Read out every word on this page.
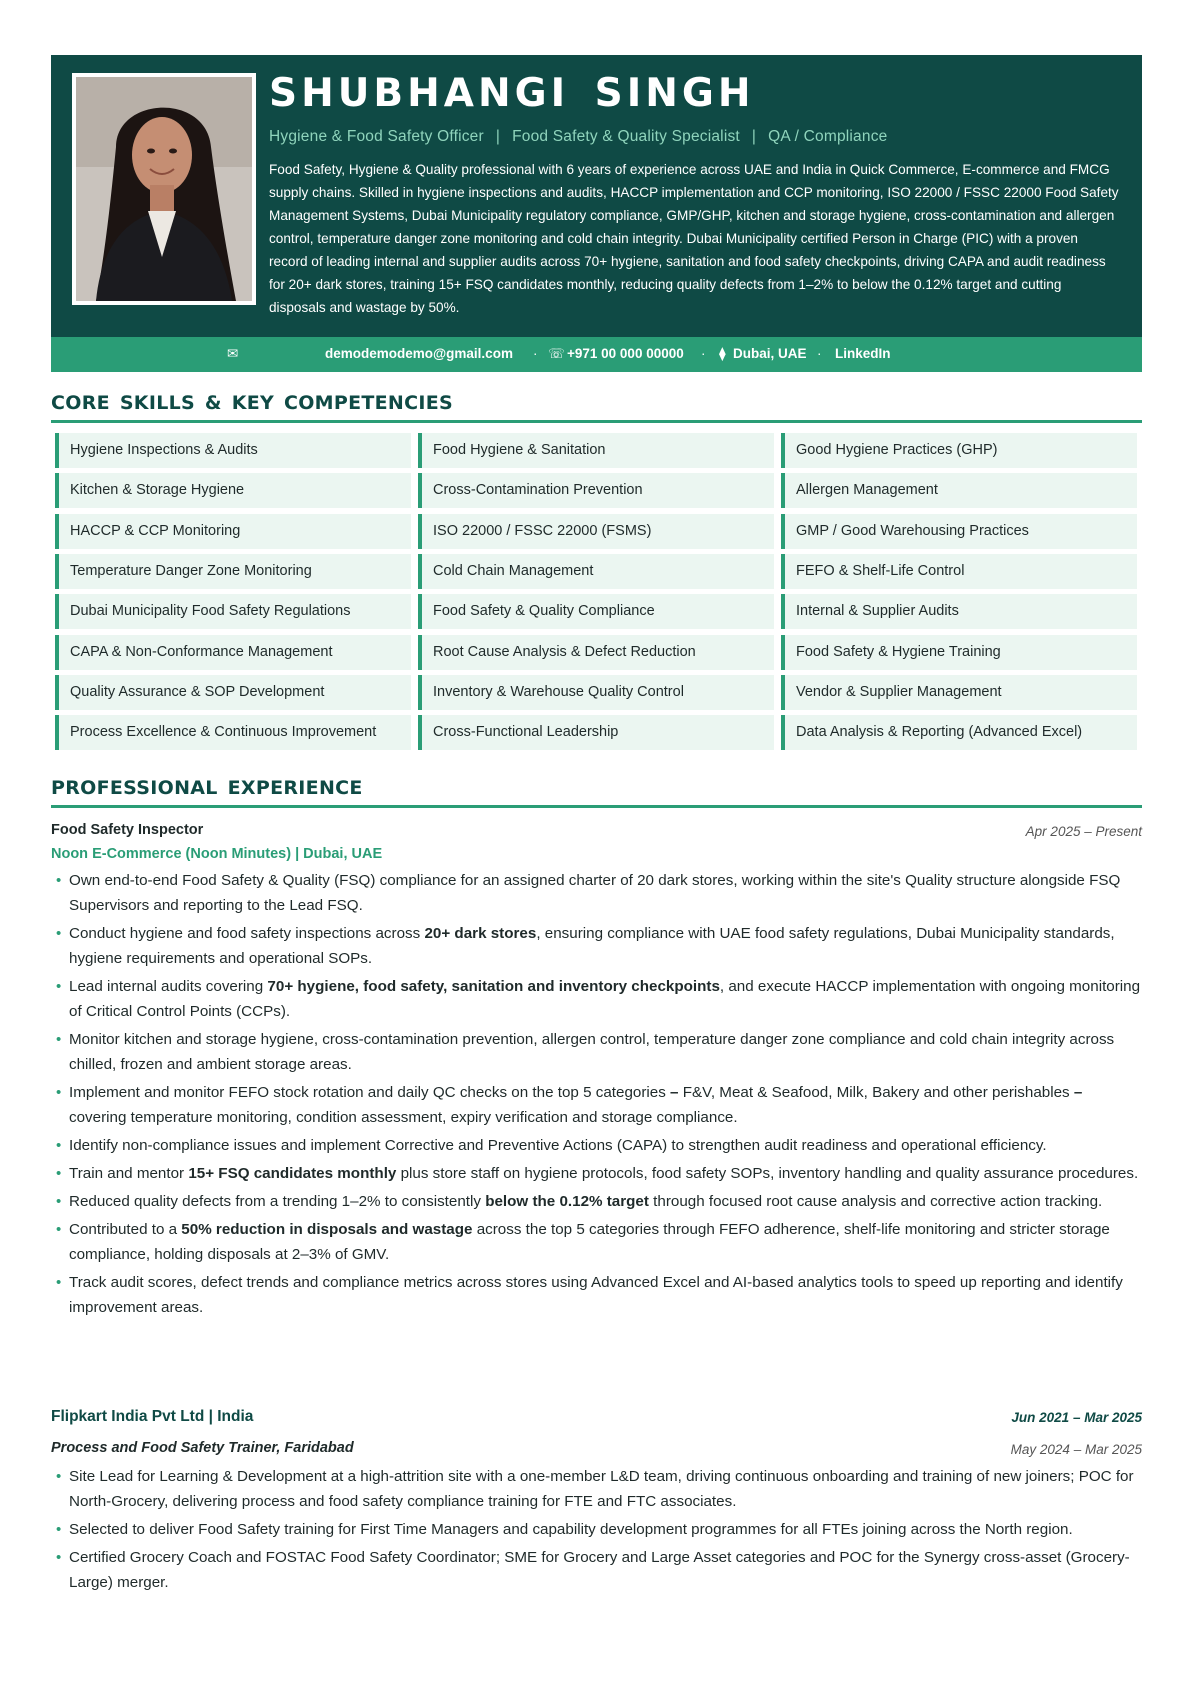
SHUBHANGI SINGH
Hygiene & Food Safety Officer | Food Safety & Quality Specialist | QA / Compliance

Food Safety, Hygiene & Quality professional with 6 years of experience across UAE and India in Quick Commerce, E-commerce and FMCG supply chains. Skilled in hygiene inspections and audits, HACCP implementation and CCP monitoring, ISO 22000 / FSSC 22000 Food Safety Management Systems, Dubai Municipality regulatory compliance, GMP/GHP, kitchen and storage hygiene, cross-contamination and allergen control, temperature danger zone monitoring and cold chain integrity. Dubai Municipality certified Person in Charge (PIC) with a proven record of leading internal and supplier audits across 70+ hygiene, sanitation and food safety checkpoints, driving CAPA and audit readiness for 20+ dark stores, training 15+ FSQ candidates monthly, reducing quality defects from 1–2% to below the 0.12% target and cutting disposals and wastage by 50%.

✉	demodemodemo@gmail.com · ☏ +971 00 000 00000 · ⧫ Dubai, UAE · LinkedIn
CORE SKILLS & KEY COMPETENCIES
Hygiene Inspections & Audits	Food Hygiene & Sanitation	Good Hygiene Practices (GHP)
Kitchen & Storage Hygiene	Cross-Contamination Prevention	Allergen Management
HACCP & CCP Monitoring	ISO 22000 / FSSC 22000 (FSMS)	GMP / Good Warehousing Practices
Temperature Danger Zone Monitoring	Cold Chain Management	FEFO & Shelf-Life Control
Dubai Municipality Food Safety Regulations	Food Safety & Quality Compliance	Internal & Supplier Audits
CAPA & Non-Conformance Management	Root Cause Analysis & Defect Reduction	Food Safety & Hygiene Training
Quality Assurance & SOP Development	Inventory & Warehouse Quality Control	Vendor & Supplier Management
Process Excellence & Continuous Improvement	Cross-Functional Leadership	Data Analysis & Reporting (Advanced Excel)
PROFESSIONAL EXPERIENCE
Food Safety Inspector	Apr 2025 – Present
Noon E-Commerce (Noon Minutes) | Dubai, UAE
• Own end-to-end Food Safety & Quality (FSQ) compliance for an assigned charter of 20 dark stores, working within the site's Quality structure alongside FSQ Supervisors and reporting to the Lead FSQ.
• Conduct hygiene and food safety inspections across 20+ dark stores, ensuring compliance with UAE food safety regulations, Dubai Municipality standards, hygiene requirements and operational SOPs.
• Lead internal audits covering 70+ hygiene, food safety, sanitation and inventory checkpoints, and execute HACCP implementation with ongoing monitoring of Critical Control Points (CCPs).
• Monitor kitchen and storage hygiene, cross-contamination prevention, allergen control, temperature danger zone compliance and cold chain integrity across chilled, frozen and ambient storage areas.
• Implement and monitor FEFO stock rotation and daily QC checks on the top 5 categories – F&V, Meat & Seafood, Milk, Bakery and other perishables – covering temperature monitoring, condition assessment, expiry verification and storage compliance.
• Identify non-compliance issues and implement Corrective and Preventive Actions (CAPA) to strengthen audit readiness and operational efficiency.
• Train and mentor 15+ FSQ candidates monthly plus store staff on hygiene protocols, food safety SOPs, inventory handling and quality assurance procedures.
• Reduced quality defects from a trending 1–2% to consistently below the 0.12% target through focused root cause analysis and corrective action tracking.
• Contributed to a 50% reduction in disposals and wastage across the top 5 categories through FEFO adherence, shelf-life monitoring and stricter storage compliance, holding disposals at 2–3% of GMV.
• Track audit scores, defect trends and compliance metrics across stores using Advanced Excel and AI-based analytics tools to speed up reporting and identify improvement areas.
Flipkart India Pvt Ltd | India	Jun 2021 – Mar 2025
Process and Food Safety Trainer, Faridabad	May 2024 – Mar 2025
• Site Lead for Learning & Development at a high-attrition site with a one-member L&D team, driving continuous onboarding and training of new joiners; POC for North-Grocery, delivering process and food safety compliance training for FTE and FTC associates.
• Selected to deliver Food Safety training for First Time Managers and capability development programmes for all FTEs joining across the North region.
• Certified Grocery Coach and FOSTAC Food Safety Coordinator; SME for Grocery and Large Asset categories and POC for the Synergy cross-asset (Grocery-Large) merger.
